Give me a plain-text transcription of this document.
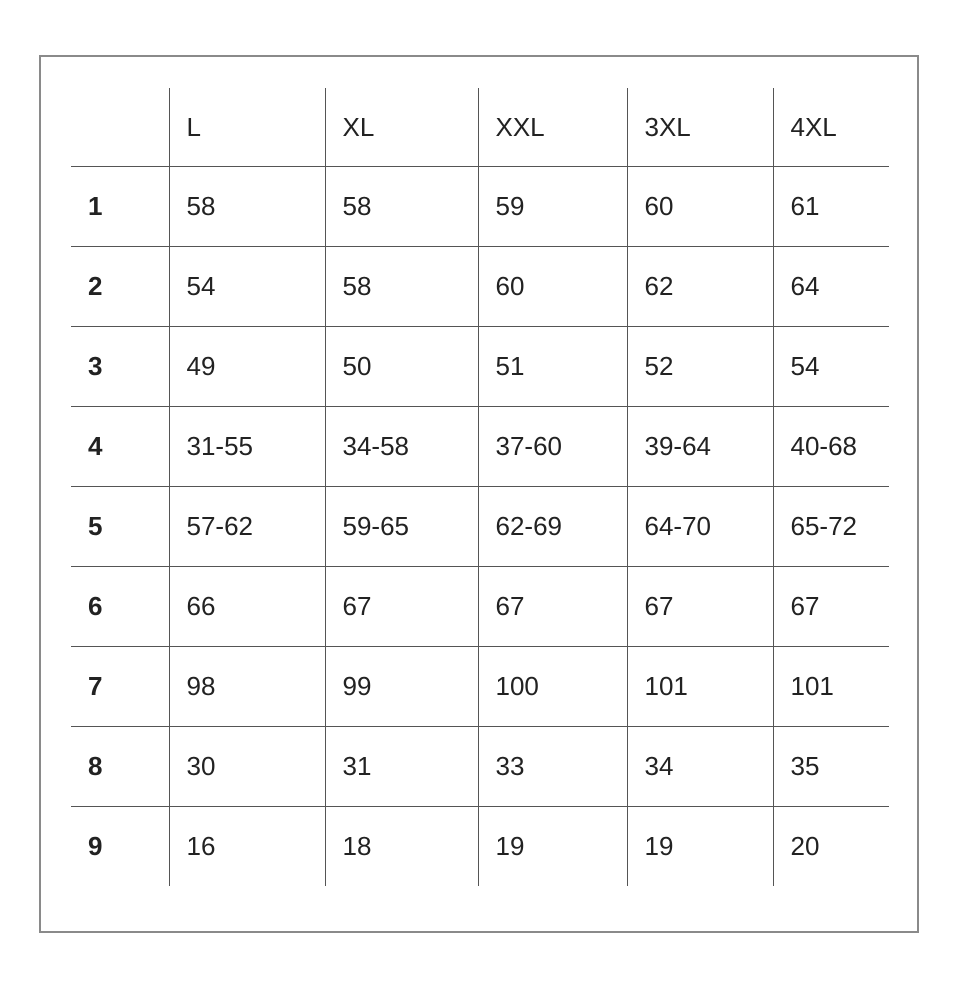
	L	XL	XXL	3XL	4XL
1	58	58	59	60	61
2	54	58	60	62	64
3	49	50	51	52	54
4	31-55	34-58	37-60	39-64	40-68
5	57-62	59-65	62-69	64-70	65-72
6	66	67	67	67	67
7	98	99	100	101	101
8	30	31	33	34	35
9	16	18	19	19	20
